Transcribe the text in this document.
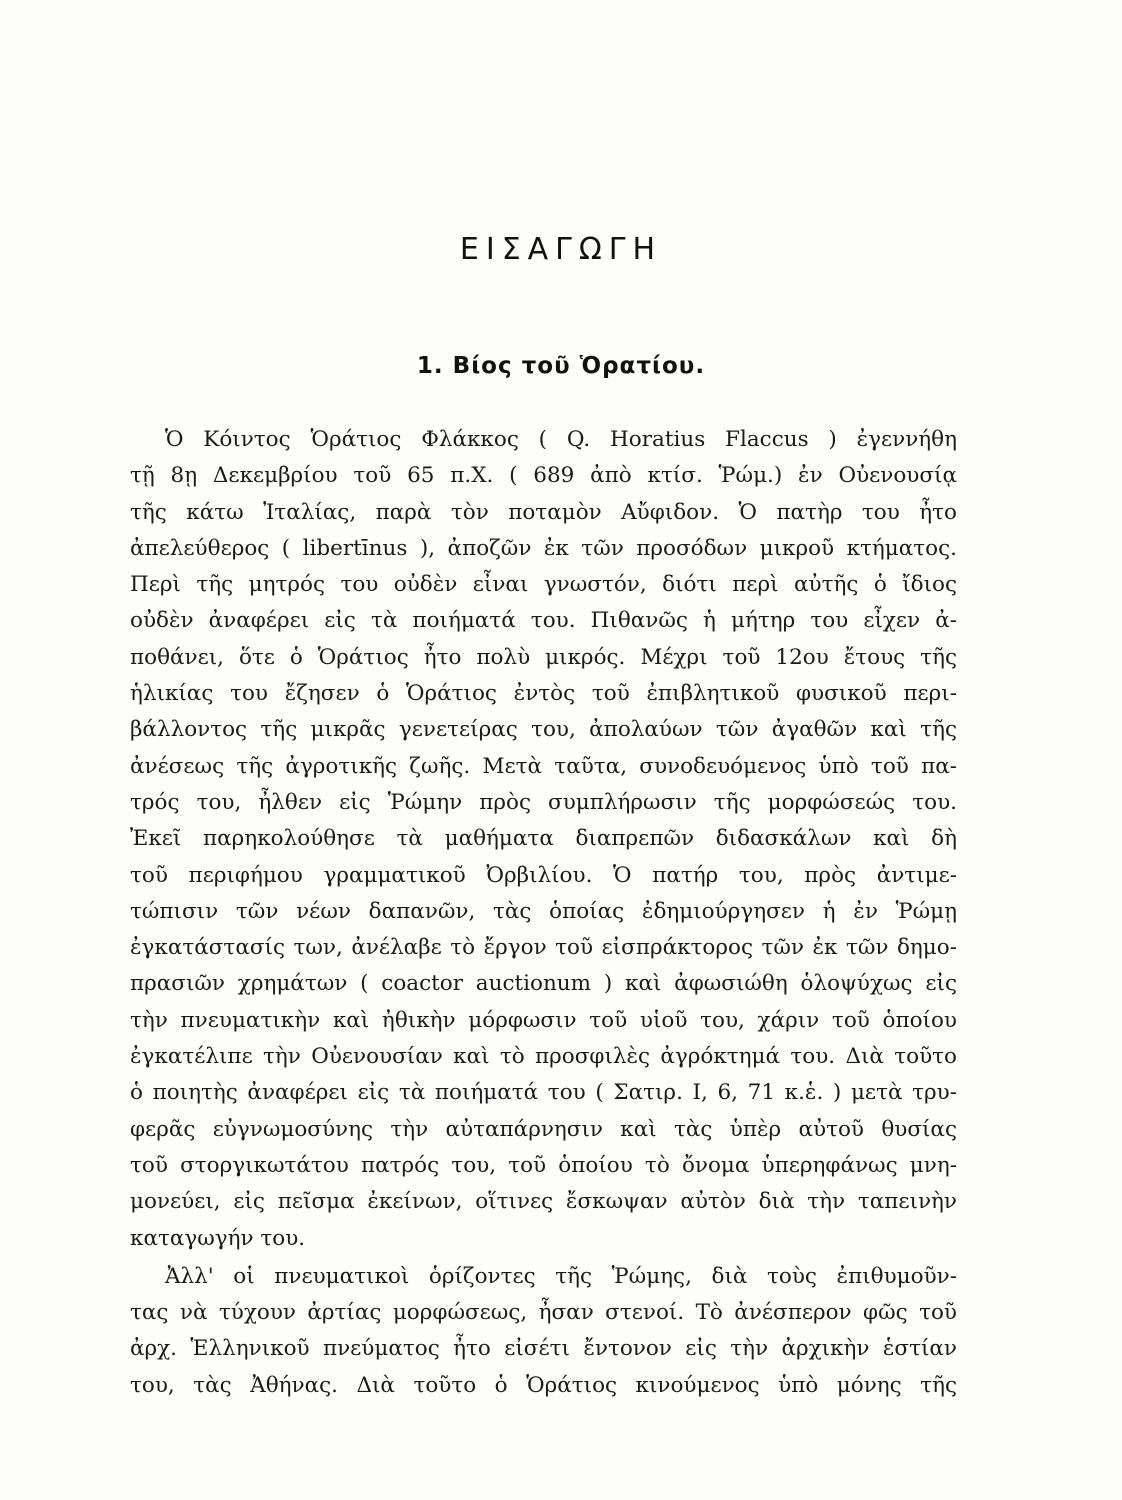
ΕΙΣΑΓΩΓΗ
1. Βίος τοῦ Ὁρατίου.
Ὁ Κόιντος Ὁράτιος Φλάκκος ( Q. Horatius Flaccus ) ἐγεννήθη
τῇ 8ῃ Δεκεμβρίου τοῦ 65 π.Χ. ( 689 ἀπὸ κτίσ. Ῥώμ.) ἐν Οὐενουσίᾳ
τῆς κάτω Ἰταλίας, παρὰ τὸν ποταμὸν Αὔφιδον. Ὁ πατὴρ του ἦτο
ἀπελεύθερος ( libertīnus ), ἀποζῶν ἐκ τῶν προσόδων μικροῦ κτήματος.
Περὶ τῆς μητρός του οὐδὲν εἶναι γνωστόν, διότι περὶ αὐτῆς ὁ ἴδιος
οὐδὲν ἀναφέρει εἰς τὰ ποιήματά του. Πιθανῶς ἡ μήτηρ του εἶχεν ἀ-
ποθάνει, ὅτε ὁ Ὁράτιος ἦτο πολὺ μικρός. Μέχρι τοῦ 12ου ἔτους τῆς
ἡλικίας του ἔζησεν ὁ Ὁράτιος ἐντὸς τοῦ ἐπιβλητικοῦ φυσικοῦ περι-
βάλλοντος τῆς μικρᾶς γενετείρας του, ἀπολαύων τῶν ἀγαθῶν καὶ τῆς
ἀνέσεως τῆς ἀγροτικῆς ζωῆς. Μετὰ ταῦτα, συνοδευόμενος ὑπὸ τοῦ πα-
τρός του, ἦλθεν εἰς Ῥώμην πρὸς συμπλήρωσιν τῆς μορφώσεώς του.
Ἐκεῖ παρηκολούθησε τὰ μαθήματα διαπρεπῶν διδασκάλων καὶ δὴ
τοῦ περιφήμου γραμματικοῦ Ὀρβιλίου. Ὁ πατήρ του, πρὸς ἀντιμε-
τώπισιν τῶν νέων δαπανῶν, τὰς ὁποίας ἐδημιούργησεν ἡ ἐν Ῥώμῃ
ἐγκατάστασίς των, ἀνέλαβε τὸ ἔργον τοῦ εἰσπράκτορος τῶν ἐκ τῶν δημο-
πρασιῶν χρημάτων ( coactor auctionum ) καὶ ἀφωσιώθη ὁλοψύχως εἰς
τὴν πνευματικὴν καὶ ἠθικὴν μόρφωσιν τοῦ υἱοῦ του, χάριν τοῦ ὁποίου
ἐγκατέλιπε τὴν Οὐενουσίαν καὶ τὸ προσφιλὲς ἀγρόκτημά του. Διὰ τοῦτο
ὁ ποιητὴς ἀναφέρει εἰς τὰ ποιήματά του ( Σατιρ. Ι, 6, 71 κ.ἑ. ) μετὰ τρυ-
φερᾶς εὐγνωμοσύνης τὴν αὐταπάρνησιν καὶ τὰς ὑπὲρ αὐτοῦ θυσίας
τοῦ στοργικωτάτου πατρός του, τοῦ ὁποίου τὸ ὄνομα ὑπερηφάνως μνη-
μονεύει, εἰς πεῖσμα ἐκείνων, οἵτινες ἔσκωψαν αὐτὸν διὰ τὴν ταπεινὴν
καταγωγήν του.
Ἀλλ' οἱ πνευματικοὶ ὁρίζοντες τῆς Ῥώμης, διὰ τοὺς ἐπιθυμοῦν-
τας νὰ τύχουν ἀρτίας μορφώσεως, ἦσαν στενοί. Τὸ ἀνέσπερον φῶς τοῦ
ἀρχ. Ἑλληνικοῦ πνεύματος ἦτο εἰσέτι ἔντονον εἰς τὴν ἀρχικὴν ἑστίαν
του, τὰς Ἀθήνας. Διὰ τοῦτο ὁ Ὁράτιος κινούμενος ὑπὸ μόνης τῆς
